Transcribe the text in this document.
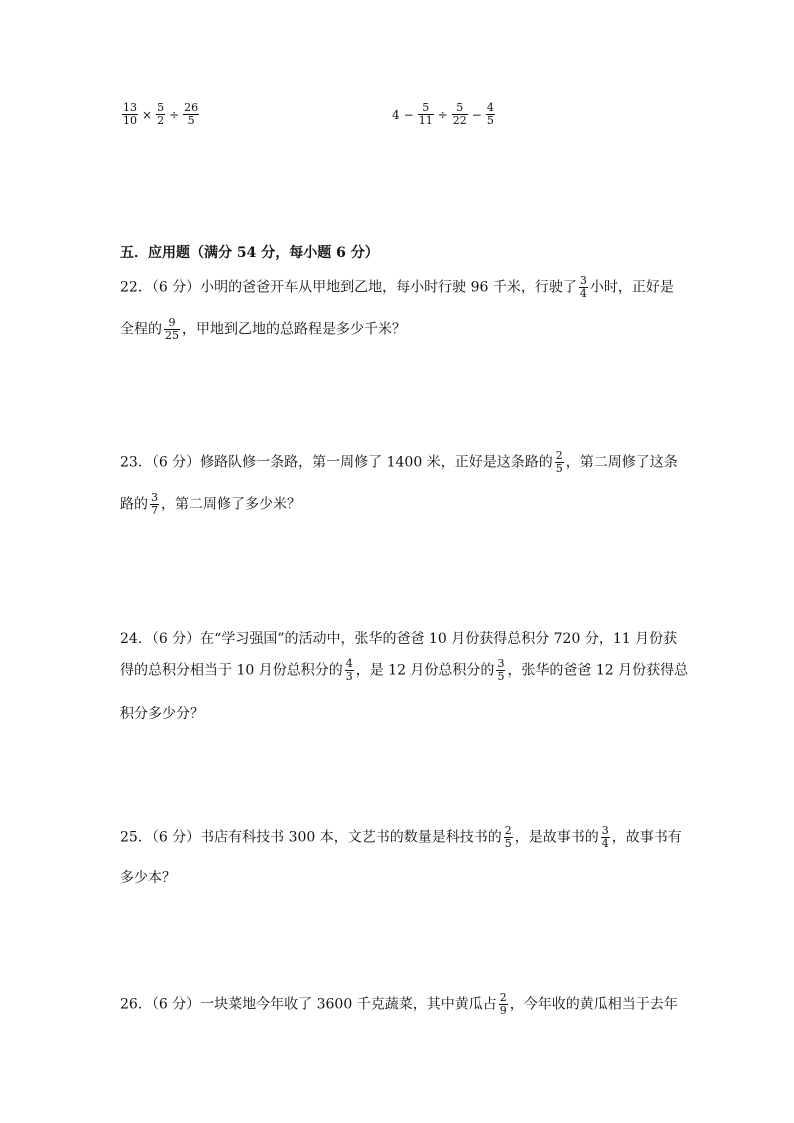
$\frac{13}{10} \times \frac{5}{2} \div \frac{26}{5}$	$4 - \frac{5}{11} \div \frac{5}{22} - \frac{4}{5}$
五．应用题（满分 54 分，每小题 6 分）
22．（6 分）小明的爸爸开车从甲地到乙地，每小时行驶 96 千米，行驶了 $\frac{3}{4}$ 小时，正好是
全程的 $\frac{9}{25}$ ，甲地到乙地的总路程是多少千米？
23．（6 分）修路队修一条路，第一周修了 1400 米，正好是这条路的 $\frac{2}{5}$ ，第二周修了这条
路的 $\frac{3}{7}$ ，第二周修了多少米？
24．（6 分）在“学习强国”的活动中，张华的爸爸 10 月份获得总积分 720 分，11 月份获
得的总积分相当于 10 月份总积分的 $\frac{4}{3}$ ，是 12 月份总积分的 $\frac{3}{5}$ ，张华的爸爸 12 月份获得总
积分多少分？
25．（6 分）书店有科技书 300 本，文艺书的数量是科技书的 $\frac{2}{5}$ ，是故事书的 $\frac{3}{4}$ ，故事书有
多少本？
26．（6 分）一块菜地今年收了 3600 千克蔬菜，其中黄瓜占 $\frac{2}{9}$ ，今年收的黄瓜相当于去年
